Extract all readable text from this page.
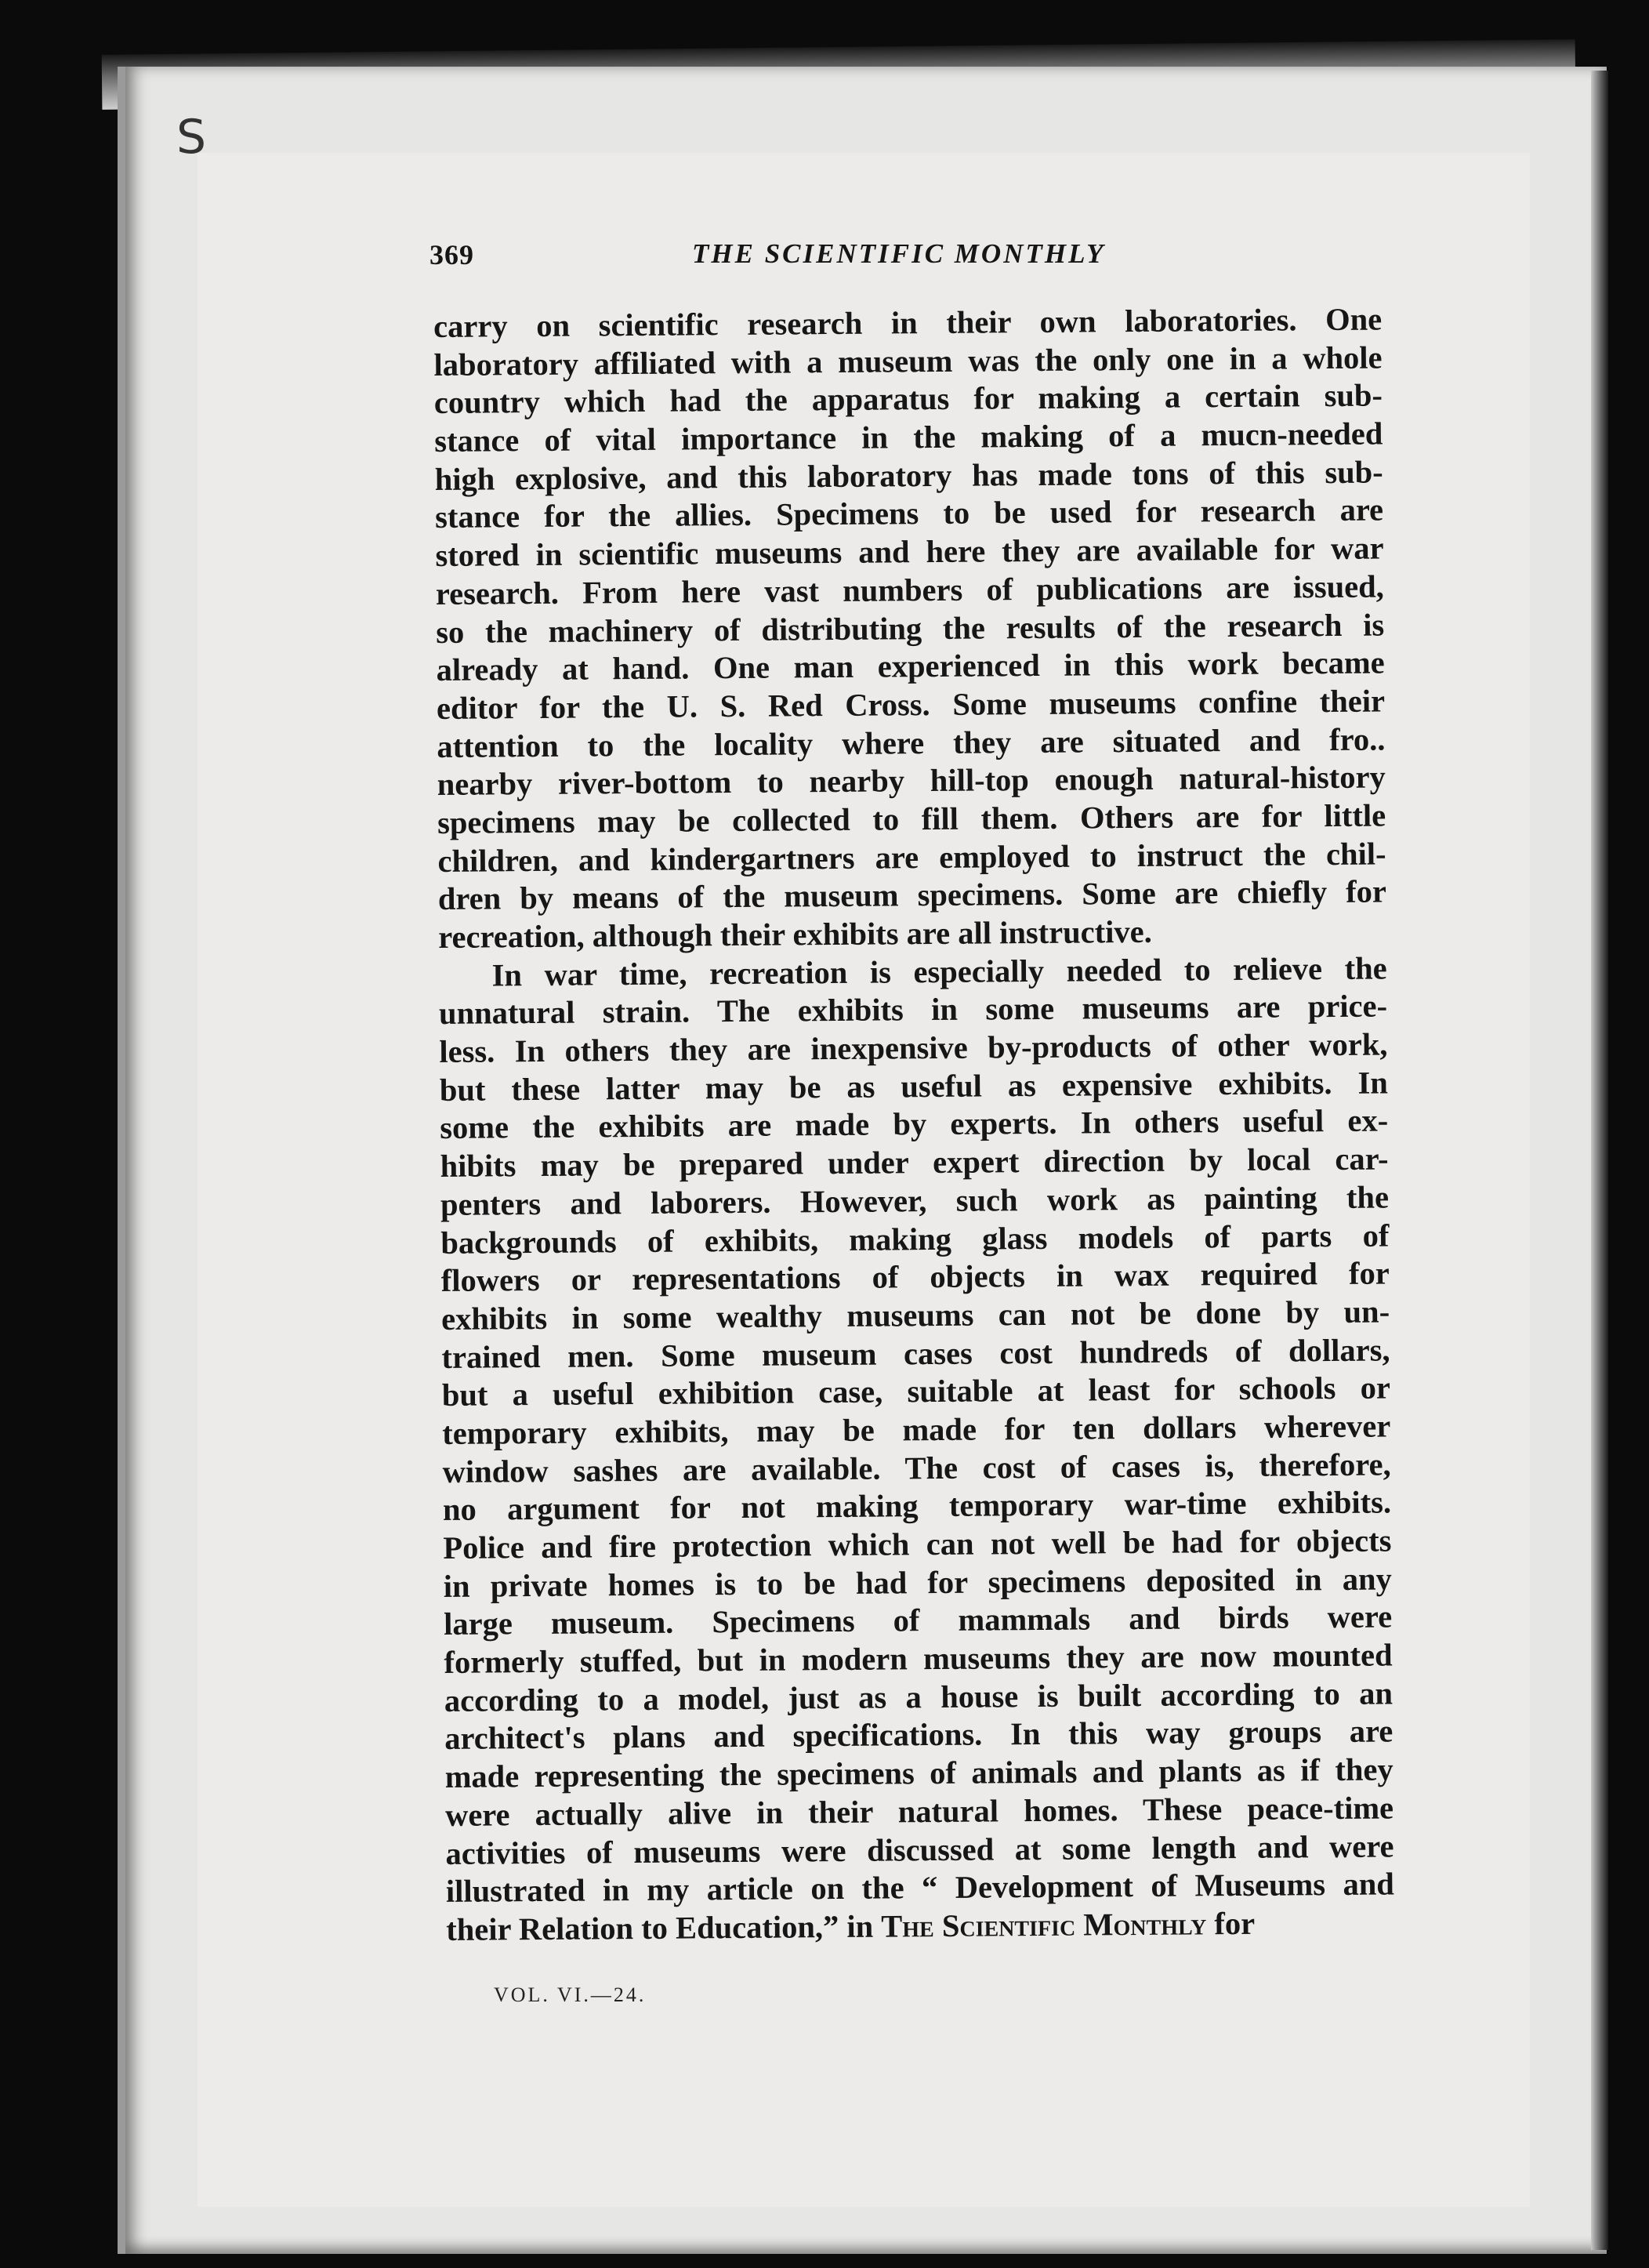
S
369	THE SCIENTIFIC MONTHLY
carry on scientific research in their own laboratories. One
laboratory affiliated with a museum was the only one in a whole
country which had the apparatus for making a certain sub-
stance of vital importance in the making of a mucn-needed
high explosive, and this laboratory has made tons of this sub-
stance for the allies. Specimens to be used for research are
stored in scientific museums and here they are available for war
research. From here vast numbers of publications are issued,
so the machinery of distributing the results of the research is
already at hand. One man experienced in this work became
editor for the U. S. Red Cross. Some museums confine their
attention to the locality where they are situated and fro..
nearby river-bottom to nearby hill-top enough natural-history
specimens may be collected to fill them. Others are for little
children, and kindergartners are employed to instruct the chil-
dren by means of the museum specimens. Some are chiefly for
recreation, although their exhibits are all instructive.
In war time, recreation is especially needed to relieve the
unnatural strain. The exhibits in some museums are price-
less. In others they are inexpensive by-products of other work,
but these latter may be as useful as expensive exhibits. In
some the exhibits are made by experts. In others useful ex-
hibits may be prepared under expert direction by local car-
penters and laborers. However, such work as painting the
backgrounds of exhibits, making glass models of parts of
flowers or representations of objects in wax required for
exhibits in some wealthy museums can not be done by un-
trained men. Some museum cases cost hundreds of dollars,
but a useful exhibition case, suitable at least for schools or
temporary exhibits, may be made for ten dollars wherever
window sashes are available. The cost of cases is, therefore,
no argument for not making temporary war-time exhibits.
Police and fire protection which can not well be had for objects
in private homes is to be had for specimens deposited in any
large museum. Specimens of mammals and birds were
formerly stuffed, but in modern museums they are now mounted
according to a model, just as a house is built according to an
architect's plans and specifications. In this way groups are
made representing the specimens of animals and plants as if they
were actually alive in their natural homes. These peace-time
activities of museums were discussed at some length and were
illustrated in my article on the “ Development of Museums and
their Relation to Education,” in The Scientific Monthly for
VOL. VI.—24.
